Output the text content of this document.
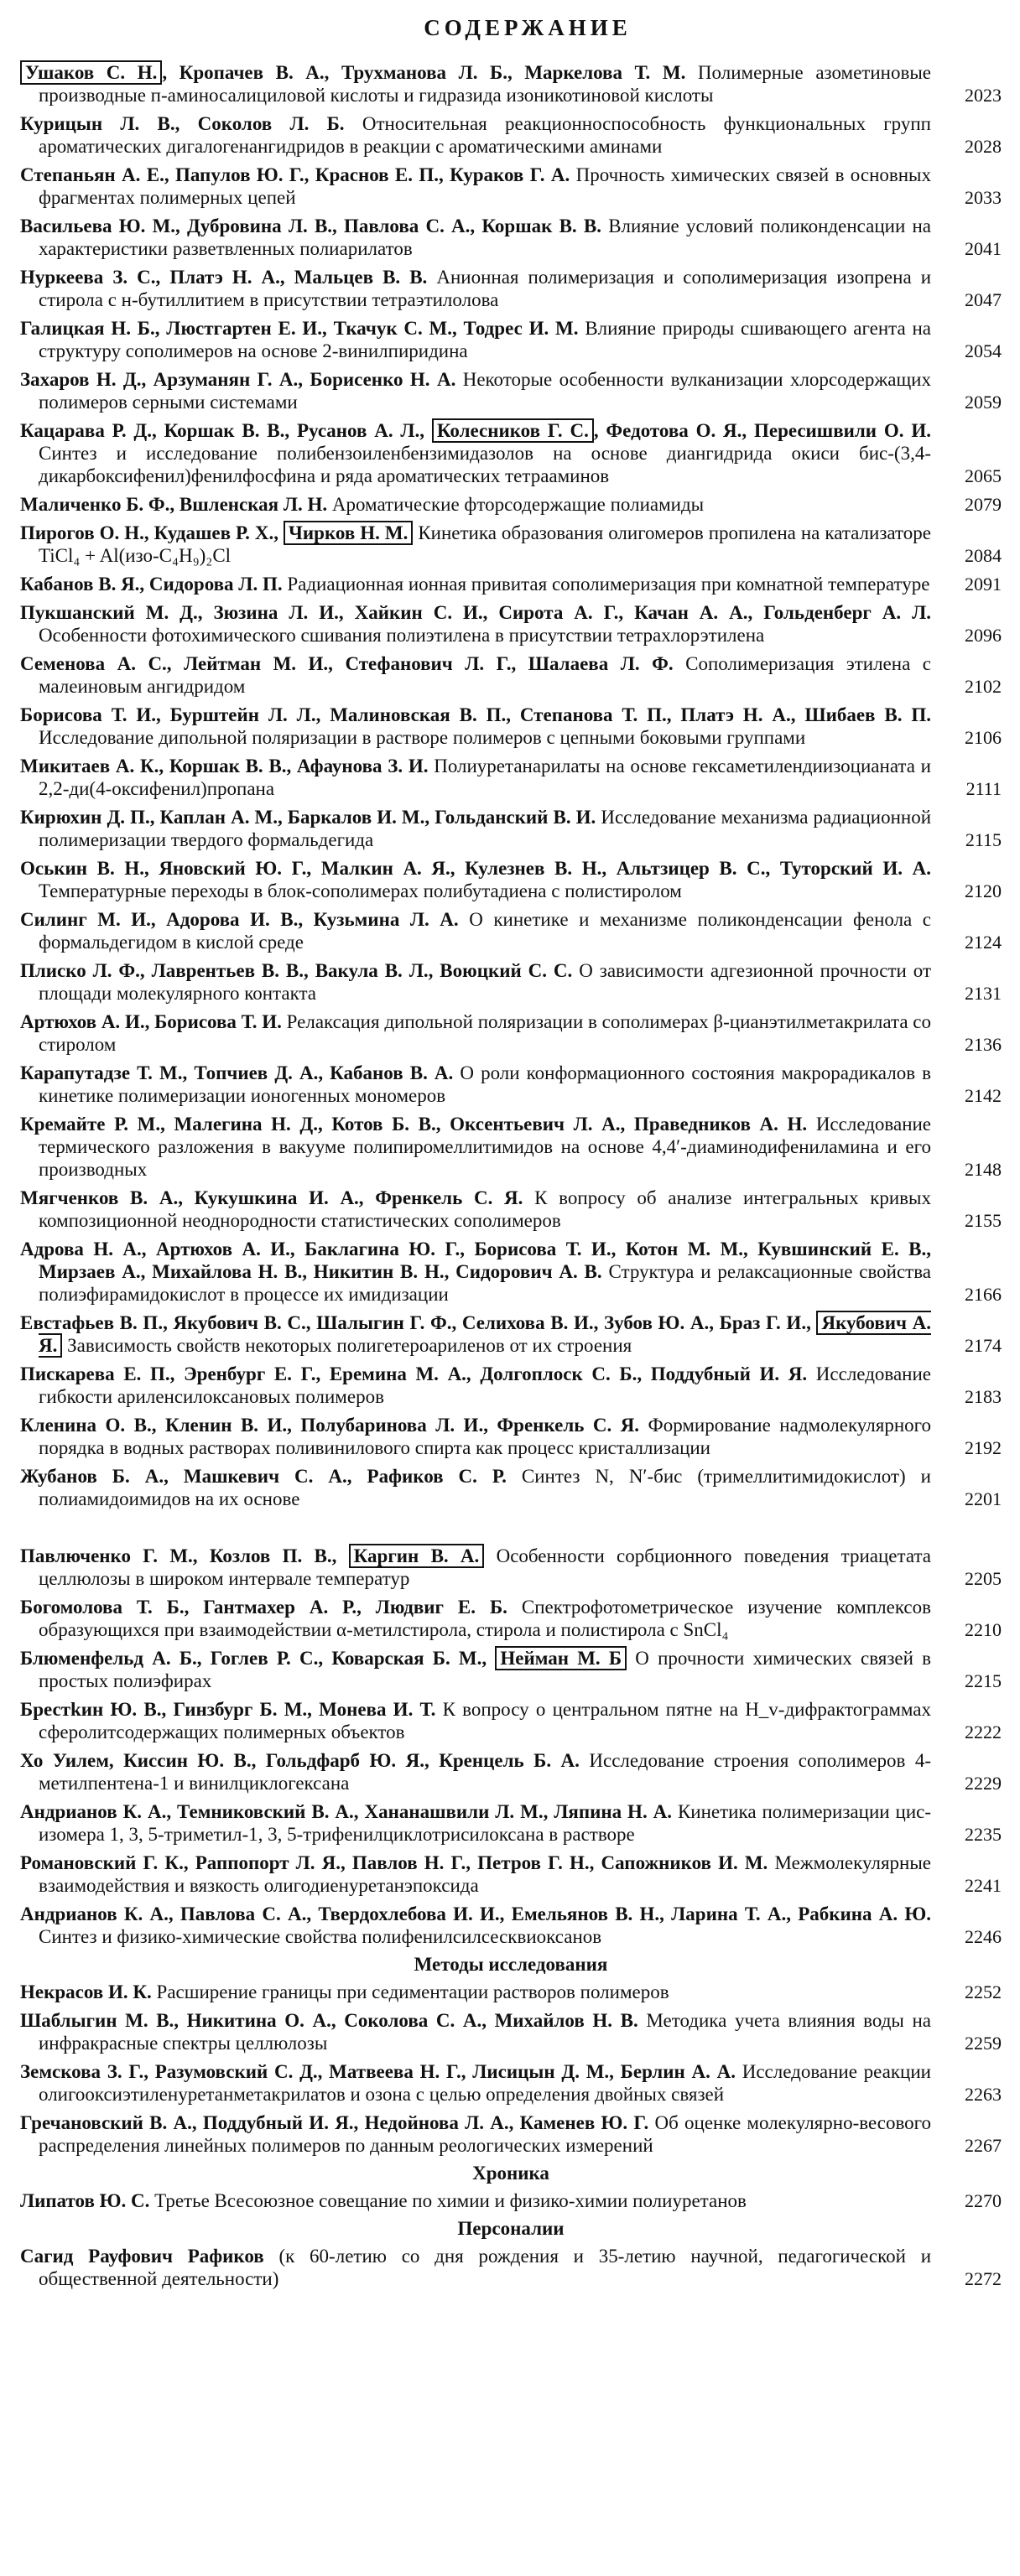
СОДЕРЖАНИЕ
Ушаков С. Н. , Кропачев В. А., Трухманова Л. Б., Маркелова Т. М. Полимерные азометиновые производные п-аминосалициловой кислоты и гидразида изоникотиновой кислоты	2023
Курицын Л. В., Соколов Л. Б. Относительная реакционноспособность функциональных групп ароматических дигалогенангидридов в реакции с ароматическими аминами	2028
Степаньян А. Е., Папулов Ю. Г., Краснов Е. П., Кураков Г. А. Прочность химических связей в основных фрагментах полимерных цепей	2033
Васильева Ю. М., Дубровина Л. В., Павлова С. А., Коршак В. В. Влияние условий поликонденсации на характеристики разветвленных полиарилатов	2041
Нуркеева З. С., Платэ Н. А., Мальцев В. В. Анионная полимеризация и сополимеризация изопрена и стирола с н-бутиллитием в присутствии тетраэтилолова	2047
Галицкая Н. Б., Люстгартен Е. И., Ткачук С. М., Тодрес И. М. Влияние природы сшивающего агента на структуру сополимеров на основе 2-винилпиридина	2054
Захаров Н. Д., Арзуманян Г. А., Борисенко Н. А. Некоторые особенности вулканизации хлорсодержащих полимеров серными системами	2059
Кацарава Р. Д., Коршак В. В., Русанов А. Л., Колесников Г. С. , Федотова О. Я., Пересишвили О. И. Синтез и исследование полибензоиленбензимидазолов на основе диангидрида окиси бис-(3,4-дикарбоксифенил)фенилфосфина и ряда ароматических тетрааминов	2065
Маличенко Б. Ф., Вшленская Л. Н. Ароматические фторсодержащие полиамиды	2079
Пирогов О. Н., Кудашев Р. Х., Чирков Н. М. Кинетика образования олигомеров пропилена на катализаторе TiCl₄ + Al(изо-C₄H₉)₂Cl	2084
Кабанов В. Я., Сидорова Л. П. Радиационная ионная привитая сополимеризация при комнатной температуре	2091
Пукшанский М. Д., Зюзина Л. И., Хайкин С. И., Сирота А. Г., Качан А. А., Гольденберг А. Л. Особенности фотохимического сшивания полиэтилена в присутствии тетрахлорэтилена	2096
Семенова А. С., Лейтман М. И., Стефанович Л. Г., Шалаева Л. Ф. Сополимеризация этилена с малеиновым ангидридом	2102
Борисова Т. И., Бурштейн Л. Л., Малиновская В. П., Степанова Т. П., Платэ Н. А., Шибаев В. П. Исследование дипольной поляризации в растворе полимеров с цепными боковыми группами	2106
Микитаев А. К., Коршак В. В., Афаунова З. И. Полиуретанарилаты на основе гексаметилендиизоцианата и 2,2-ди(4-оксифенил)пропана	2111
Кирюхин Д. П., Каплан А. М., Баркалов И. М., Гольданский В. И. Исследование механизма радиационной полимеризации твердого формальдегида	2115
Оськин В. Н., Яновский Ю. Г., Малкин А. Я., Кулезнев В. Н., Альтзицер В. С., Туторский И. А. Температурные переходы в блок-сополимерах полибутадиена с полистиролом	2120
Силинг М. И., Адорова И. В., Кузьмина Л. А. О кинетике и механизме поликонденсации фенола с формальдегидом в кислой среде	2124
Плиско Л. Ф., Лаврентьев В. В., Вакула В. Л., Воюцкий С. С. О зависимости адгезионной прочности от площади молекулярного контакта	2131
Артюхов А. И., Борисова Т. И. Релаксация дипольной поляризации в сополимерах β-цианэтилметакрилата со стиролом	2136
Карапутадзе Т. М., Топчиев Д. А., Кабанов В. А. О роли конформационного состояния макрорадикалов в кинетике полимеризации ионогенных мономеров	2142
Кремайте Р. М., Малегина Н. Д., Котов Б. В., Оксентьевич Л. А., Праведников А. Н. Исследование термического разложения в вакууме полипиромеллитимидов на основе 4,4′-диаминодифениламина и его производных	2148
Мягченков В. А., Кукушкина И. А., Френкель С. Я. К вопросу об анализе интегральных кривых композиционной неоднородности статистических сополимеров	2155
Адрова Н. А., Артюхов А. И., Баклагина Ю. Г., Борисова Т. И., Котон М. М., Кувшинский Е. В., Мирзаев А., Михайлова Н. В., Никитин В. Н., Сидорович А. В. Структура и релаксационные свойства полиэфирамидокислот в процессе их имидизации	2166
Евстафьев В. П., Якубович В. С., Шалыгин Г. Ф., Селихова В. И., Зубов Ю. А., Браз Г. И., Якубович А. Я. Зависимость свойств некоторых полигетероариленов от их строения	2174
Пискарева Е. П., Эренбург Е. Г., Еремина М. А., Долгоплоск С. Б., Поддубный И. Я. Исследование гибкости ариленсилоксановых полимеров	2183
Кленина О. В., Кленин В. И., Полубаринова Л. И., Френкель С. Я. Формирование надмолекулярного порядка в водных растворах поливинилового спирта как процесс кристаллизации	2192
Жубанов Б. А., Машкевич С. А., Рафиков С. Р. Синтез N, N′-бис (тримеллитимидокислот) и полиамидоимидов на их основе	2201
Павлюченко Г. М., Козлов П. В., Каргин В. А. Особенности сорбционного поведения триацетата целлюлозы в широком интервале температур	2205
Богомолова Т. Б., Гантмахер А. Р., Людвиг Е. Б. Спектрофотометрическое изучение комплексов образующихся при взаимодействии α-метилстирола, стирола и полистирола с SnCl₄	2210
Блюменфельд А. Б., Гоглев Р. С., Коварская Б. М., Нейман М. Б О прочности химических связей в простых полиэфирах	2215
Брестkин Ю. В., Гинзбург Б. М., Монева И. Т. К вопросу о центральном пятне на H_v-дифрактограммах сферолитсодержащих полимерных объектов	2222
Хо Уилем, Киссин Ю. В., Гольдфарб Ю. Я., Кренцель Б. А. Исследование строения сополимеров 4-метилпентена-1 и винилциклогексана	2229
Андрианов К. А., Темниковский В. А., Хананашвили Л. М., Ляпина Н. А. Кинетика полимеризации цис-изомера 1, 3, 5-триметил-1, 3, 5-трифенилциклотрисилоксана в растворе	2235
Романовский Г. К., Раппопорт Л. Я., Павлов Н. Г., Петров Г. Н., Сапожников И. М. Межмолекулярные взаимодействия и вязкость олигодиенуретанэпоксида	2241
Андрианов К. А., Павлова С. А., Твердохлебова И. И., Емельянов В. Н., Ларина Т. А., Рабкина А. Ю. Синтез и физико-химические свойства полифенилсилсесквиоксанов	2246
Методы исследования
Некрасов И. К. Расширение границы при седиментации растворов полимеров	2252
Шаблыгин М. В., Никитина О. А., Соколова С. А., Михайлов Н. В. Методика учета влияния воды на инфракрасные спектры целлюлозы	2259
Земскова З. Г., Разумовский С. Д., Матвеева Н. Г., Лисицын Д. М., Берлин А. А. Исследование реакции олигооксиэтиленуретанметакрилатов и озона с целью определения двойных связей	2263
Гречановский В. А., Поддубный И. Я., Недойнова Л. А., Каменев Ю. Г. Об оценке молекулярно-весового распределения линейных полимеров по данным реологических измерений	2267
Хроника
Липатов Ю. С. Третье Всесоюзное совещание по химии и физико-химии полиуретанов	2270
Персоналии
Сагид Рауфович Рафиков (к 60-летию со дня рождения и 35-летию научной, педагогической и общественной деятельности)	2272
